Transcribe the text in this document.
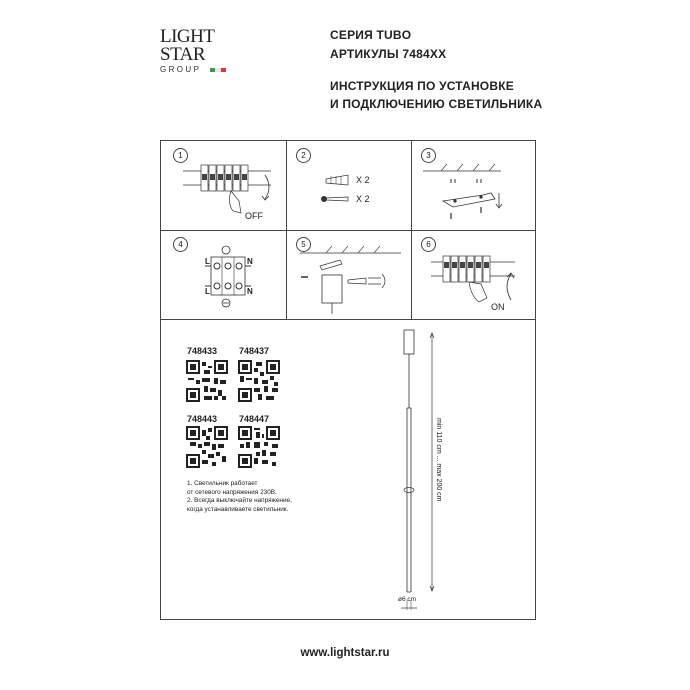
LIGHT
STAR
GROUP
СЕРИЯ TUBO
АРТИКУЛЫ 7484XX
ИНСТРУКЦИЯ ПО УСТАНОВКЕ
И ПОДКЛЮЧЕНИЮ СВЕТИЛЬНИКА
1
OFF
2
X 2
X 2
3
4
L	N
L	N
5	6
ON
748433 748437
748443 748447
1. Светильник работает
от сетевого напряжения 230В.
2. Всегда выключайте напряжение,
когда устанавливаете светильник.
min 110 cm ... max 200 cm
ø6 cm
www.lightstar.ru
